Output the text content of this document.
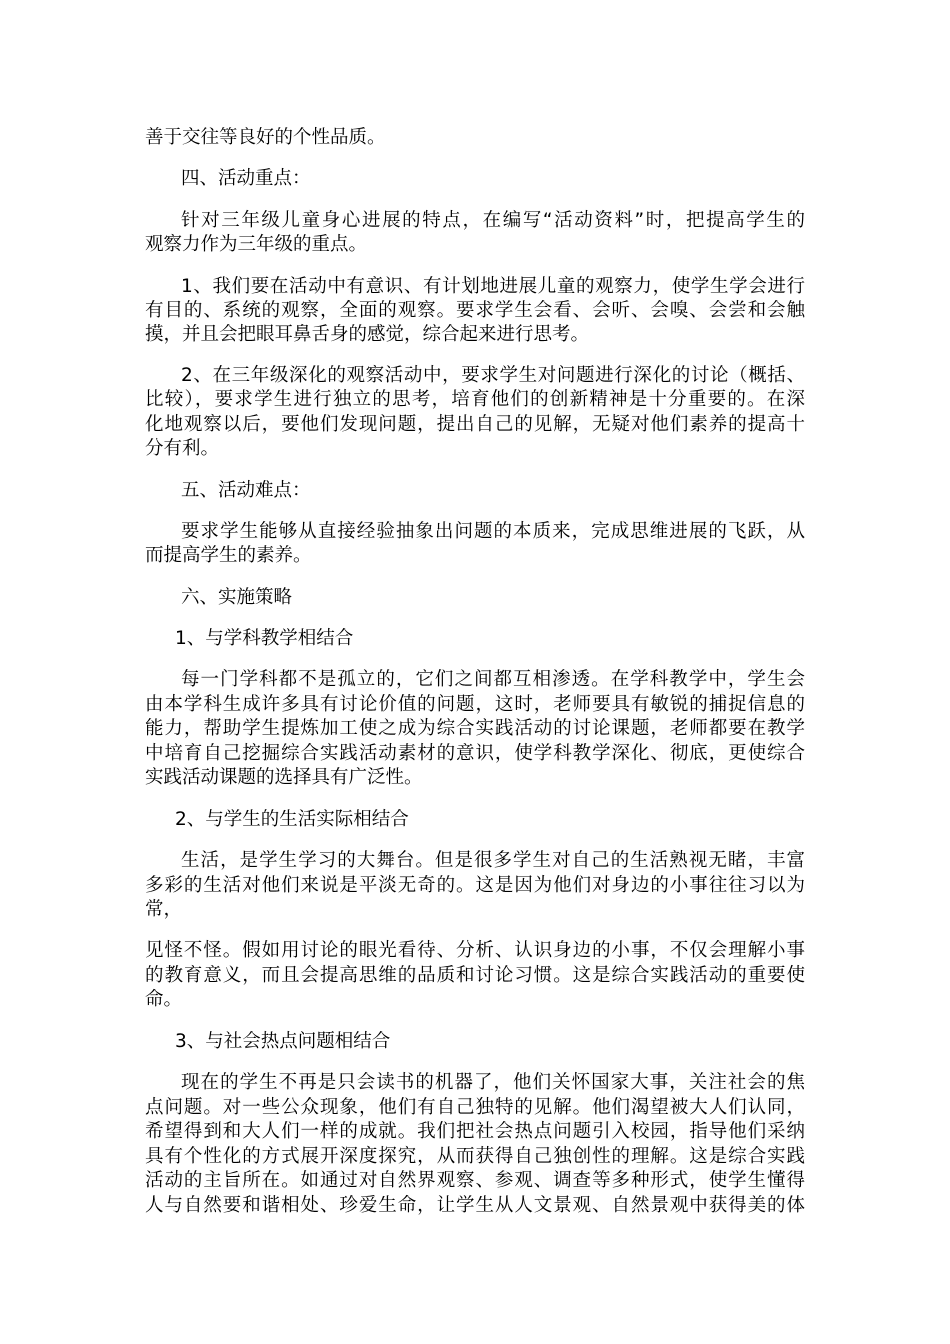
善于交往等良好的个性品质。

四、活动重点：

针对三年级儿童身心进展的特点，在编写“活动资料”时，把提高学生的

观察力作为三年级的重点。

1、我们要在活动中有意识、有计划地进展儿童的观察力，使学生学会进行

有目的、系统的观察，全面的观察。要求学生会看、会听、会嗅、会尝和会触

摸，并且会把眼耳鼻舌身的感觉，综合起来进行思考。

2、在三年级深化的观察活动中，要求学生对问题进行深化的讨论（概括、

比较），要求学生进行独立的思考，培育他们的创新精神是十分重要的。在深

化地观察以后，要他们发现问题，提出自己的见解，无疑对他们素养的提高十

分有利。

五、活动难点：

要求学生能够从直接经验抽象出问题的本质来，完成思维进展的飞跃，从

而提高学生的素养。

六、实施策略

1、与学科教学相结合

每一门学科都不是孤立的，它们之间都互相渗透。在学科教学中，学生会

由本学科生成许多具有讨论价值的问题，这时，老师要具有敏锐的捕捉信息的

能力，帮助学生提炼加工使之成为综合实践活动的讨论课题，老师都要在教学

中培育自己挖掘综合实践活动素材的意识，使学科教学深化、彻底，更使综合

实践活动课题的选择具有广泛性。

2、与学生的生活实际相结合

生活，是学生学习的大舞台。但是很多学生对自己的生活熟视无睹，丰富

多彩的生活对他们来说是平淡无奇的。这是因为他们对身边的小事往往习以为

常，

见怪不怪。假如用讨论的眼光看待、分析、认识身边的小事，不仅会理解小事

的教育意义，而且会提高思维的品质和讨论习惯。这是综合实践活动的重要使

命。

3、与社会热点问题相结合

现在的学生不再是只会读书的机器了，他们关怀国家大事，关注社会的焦

点问题。对一些公众现象，他们有自己独特的见解。他们渴望被大人们认同，

希望得到和大人们一样的成就。我们把社会热点问题引入校园，指导他们采纳

具有个性化的方式展开深度探究，从而获得自己独创性的理解。这是综合实践

活动的主旨所在。如通过对自然界观察、参观、调查等多种形式，使学生懂得

人与自然要和谐相处、珍爱生命，让学生从人文景观、自然景观中获得美的体
